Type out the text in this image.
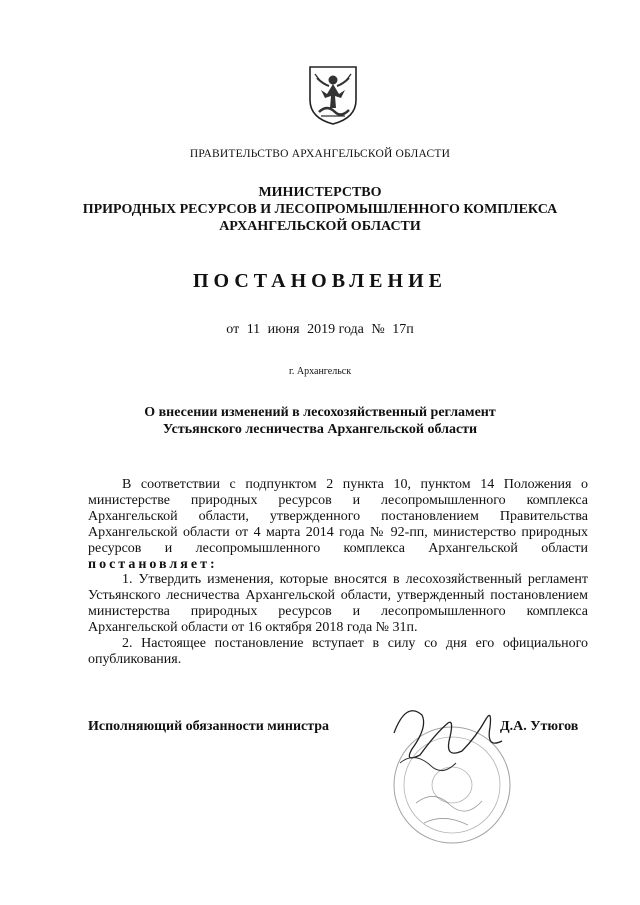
ПРАВИТЕЛЬСТВО АРХАНГЕЛЬСКОЙ ОБЛАСТИ
МИНИСТЕРСТВО
ПРИРОДНЫХ РЕСУРСОВ И ЛЕСОПРОМЫШЛЕННОГО КОМПЛЕКСА
АРХАНГЕЛЬСКОЙ ОБЛАСТИ
ПОСТАНОВЛЕНИЕ
от 11 июня 2019 года № 17п
г. Архангельск
О внесении изменений в лесохозяйственный регламент
Устьянского лесничества Архангельской области

В соответствии с подпунктом 2 пункта 10, пунктом 14 Положения о министерстве природных ресурсов и лесопромышленного комплекса Архангельской области, утвержденного постановлением Правительства Архангельской области от 4 марта 2014 года № 92-пп, министерство природных ресурсов и лесопромышленного комплекса Архангельской области постановляет:

1. Утвердить изменения, которые вносятся в лесохозяйственный регламент Устьянского лесничества Архангельской области, утвержденный постановлением министерства природных ресурсов и лесопромышленного комплекса Архангельской области от 16 октября 2018 года № 31п.

2. Настоящее постановление вступает в силу со дня его официального опубликования.

Исполняющий обязанности министра	Д.А. Утюгов
